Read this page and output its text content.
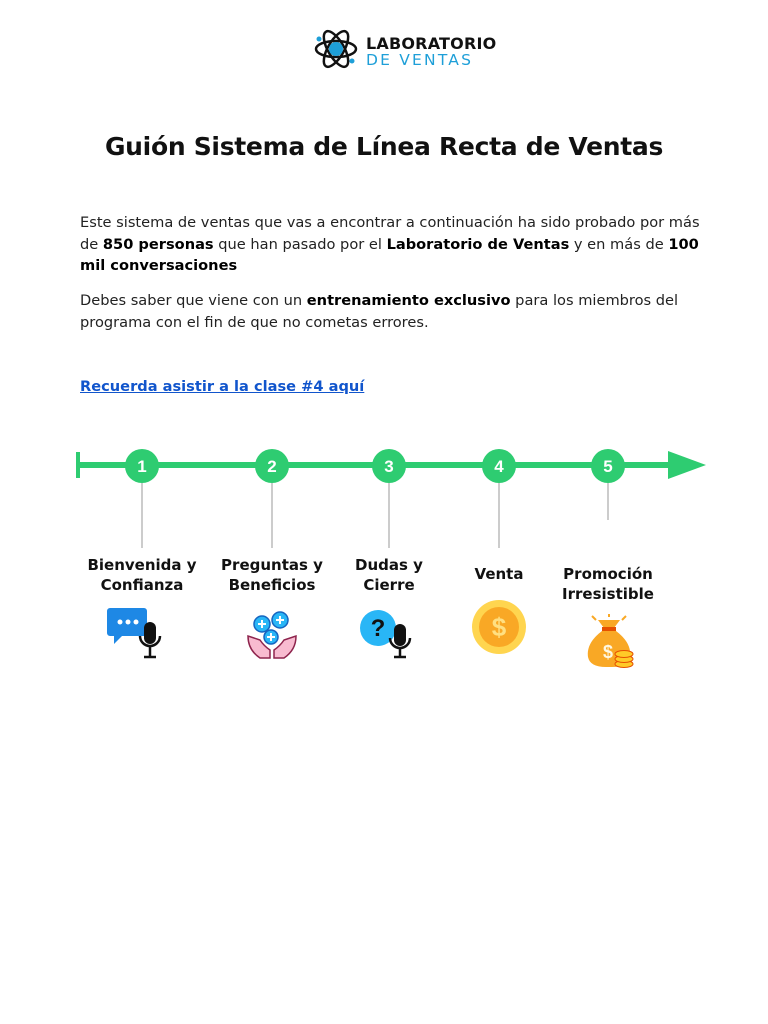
LABORATORIO
DE VENTAS
Guión Sistema de Línea Recta de Ventas

Este sistema de ventas que vas a encontrar a continuación ha sido probado por más de 850 personas que han pasado por el Laboratorio de Ventas y en más de 100 mil conversaciones

Debes saber que viene con un entrenamiento exclusivo para los miembros del programa con el fin de que no cometas errores.

Recuerda asistir a la clase #4 aquí
1	2	3	4	5
Bienvenida y
Confianza
Preguntas y
Beneficios
Dudas y
Cierre
Venta	Promoción
Irresistible
?	$
$
